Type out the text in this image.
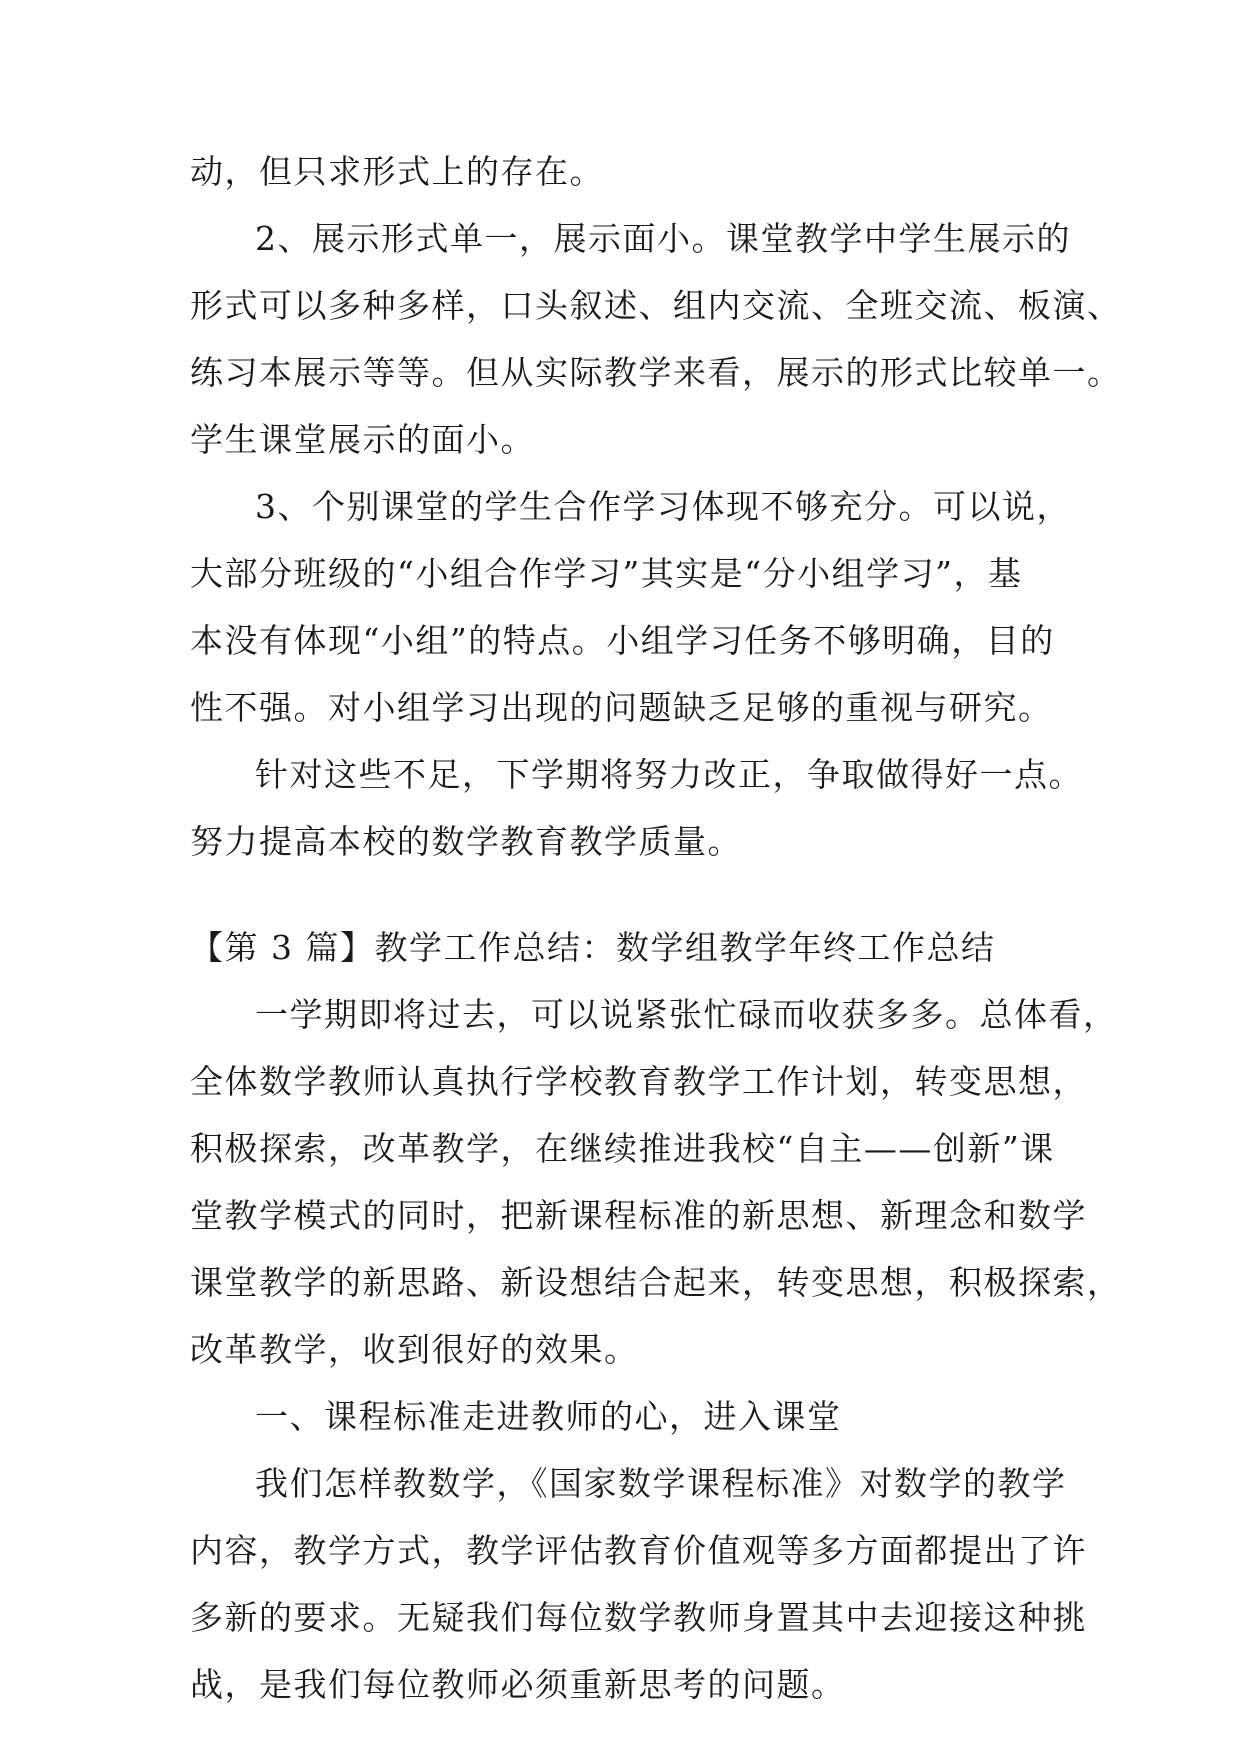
动，但只求形式上的存在。
2、展示形式单一，展示面小。课堂教学中学生展示的
形式可以多种多样，口头叙述、组内交流、全班交流、板演、
练习本展示等等。但从实际教学来看，展示的形式比较单一。
学生课堂展示的面小。
3、个别课堂的学生合作学习体现不够充分。可以说，
大部分班级的“小组合作学习”其实是“分小组学习”，基
本没有体现“小组”的特点。小组学习任务不够明确，目的
性不强。对小组学习出现的问题缺乏足够的重视与研究。
针对这些不足，下学期将努力改正，争取做得好一点。
努力提高本校的数学教育教学质量。
【第 3 篇】教学工作总结：数学组教学年终工作总结
一学期即将过去，可以说紧张忙碌而收获多多。总体看，
全体数学教师认真执行学校教育教学工作计划，转变思想，
积极探索，改革教学，在继续推进我校“自主——创新”课
堂教学模式的同时，把新课程标准的新思想、新理念和数学
课堂教学的新思路、新设想结合起来，转变思想，积极探索，
改革教学，收到很好的效果。
一、课程标准走进教师的心，进入课堂
我们怎样教数学，《国家数学课程标准》对数学的教学
内容，教学方式，教学评估教育价值观等多方面都提出了许
多新的要求。无疑我们每位数学教师身置其中去迎接这种挑
战，是我们每位教师必须重新思考的问题。
